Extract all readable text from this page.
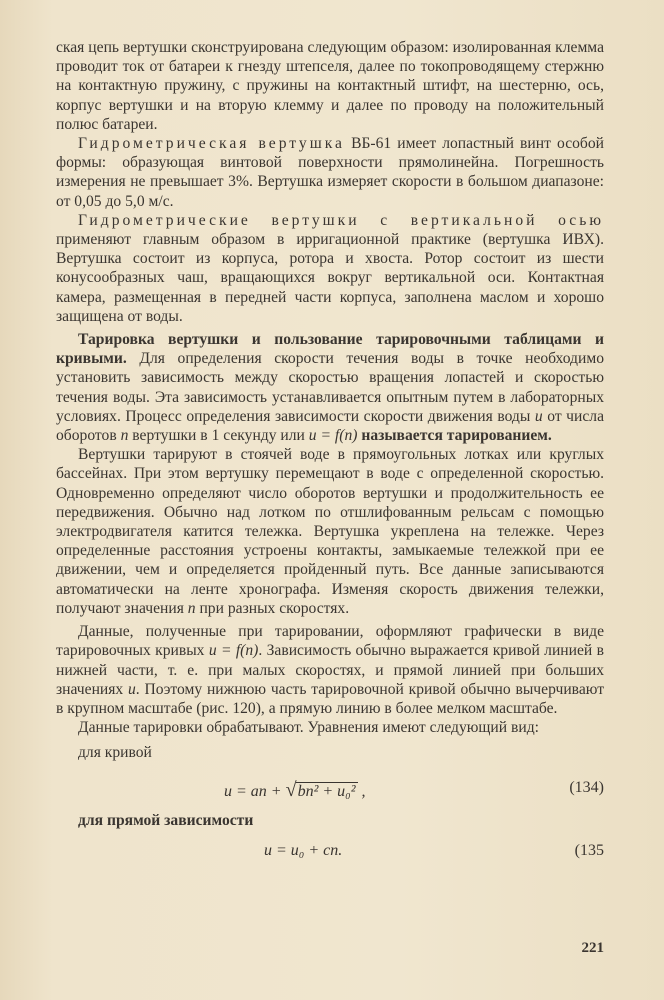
ская цепь вертушки сконструирована следующим образом: изолированная клемма проводит ток от батареи к гнезду штепселя, далее по токопроводящему стержню на контактную пружину, с пружины на контактный штифт, на шестерню, ось, корпус вертушки и на вторую клемму и далее по проводу на положительный полюс батареи.

Гидрометрическая вертушка ВБ-61 имеет лопастный винт особой формы: образующая винтовой поверхности прямолинейна. Погрешность измерения не превышает 3%. Вертушка измеряет скорости в большом диапазоне: от 0,05 до 5,0 м/с.

Гидрометрические вертушки с вертикальной осью применяют главным образом в ирригационной практике (вертушка ИВХ). Вертушка состоит из корпуса, ротора и хвоста. Ротор состоит из шести конусообразных чаш, вращающихся вокруг вертикальной оси. Контактная камера, размещенная в передней части корпуса, заполнена маслом и хорошо защищена от воды.

Тарировка вертушки и пользование тарировочными таблицами и кривыми. Для определения скорости течения воды в точке необходимо установить зависимость между скоростью вращения лопастей и скоростью течения воды. Эта зависимость устанавливается опытным путем в лабораторных условиях. Процесс определения зависимости скорости движения воды u от числа оборотов n вертушки в 1 секунду или u = f(n) называется тарированием.

Вертушки тарируют в стоячей воде в прямоугольных лотках или круглых бассейнах. При этом вертушку перемещают в воде с определенной скоростью. Одновременно определяют число оборотов вертушки и продолжительность ее передвижения. Обычно над лотком по отшлифованным рельсам с помощью электродвигателя катится тележка. Вертушка укреплена на тележке. Через определенные расстояния устроены контакты, замыкаемые тележкой при ее движении, чем и определяется пройденный путь. Все данные записываются автоматически на ленте хронографа. Изменяя скорость движения тележки, получают значения n при разных скоростях.

Данные, полученные при тарировании, оформляют графически в виде тарировочных кривых u = f(n). Зависимость обычно выражается кривой линией в нижней части, т. е. при малых скоростях, и прямой линией при больших значениях u. Поэтому нижнюю часть тарировочной кривой обычно вычерчивают в крупном масштабе (рис. 120), а прямую линию в более мелком масштабе.

Данные тарировки обрабатывают. Уравнения имеют следующий вид:

для кривой
u = an + √bn² + u₀² ,	(134)
для прямой зависимости
u = u₀ + cn.	(135
221
